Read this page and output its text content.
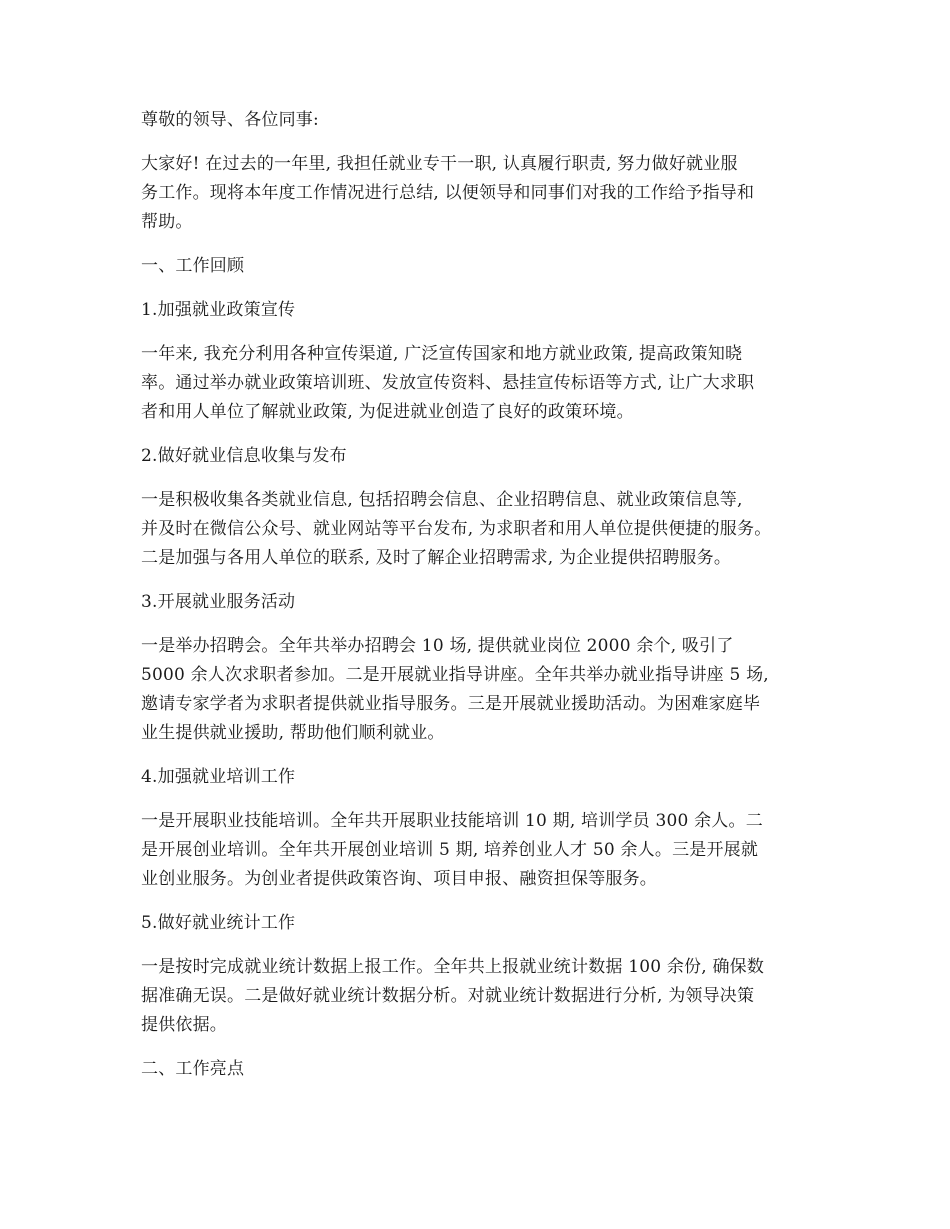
尊敬的领导、各位同事:

大家好! 在过去的一年里, 我担任就业专干一职, 认真履行职责, 努力做好就业服

务工作。现将本年度工作情况进行总结, 以便领导和同事们对我的工作给予指导和

帮助。

一、工作回顾

1.加强就业政策宣传

一年来, 我充分利用各种宣传渠道, 广泛宣传国家和地方就业政策, 提高政策知晓

率。通过举办就业政策培训班、发放宣传资料、悬挂宣传标语等方式, 让广大求职

者和用人单位了解就业政策, 为促进就业创造了良好的政策环境。

2.做好就业信息收集与发布

一是积极收集各类就业信息, 包括招聘会信息、企业招聘信息、就业政策信息等,

并及时在微信公众号、就业网站等平台发布, 为求职者和用人单位提供便捷的服务。

二是加强与各用人单位的联系, 及时了解企业招聘需求, 为企业提供招聘服务。

3.开展就业服务活动

一是举办招聘会。全年共举办招聘会 10 场, 提供就业岗位 2000 余个, 吸引了

5000 余人次求职者参加。二是开展就业指导讲座。全年共举办就业指导讲座 5 场,

邀请专家学者为求职者提供就业指导服务。三是开展就业援助活动。为困难家庭毕

业生提供就业援助, 帮助他们顺利就业。

4.加强就业培训工作

一是开展职业技能培训。全年共开展职业技能培训 10 期, 培训学员 300 余人。二

是开展创业培训。全年共开展创业培训 5 期, 培养创业人才 50 余人。三是开展就

业创业服务。为创业者提供政策咨询、项目申报、融资担保等服务。

5.做好就业统计工作

一是按时完成就业统计数据上报工作。全年共上报就业统计数据 100 余份, 确保数

据准确无误。二是做好就业统计数据分析。对就业统计数据进行分析, 为领导决策

提供依据。

二、工作亮点
